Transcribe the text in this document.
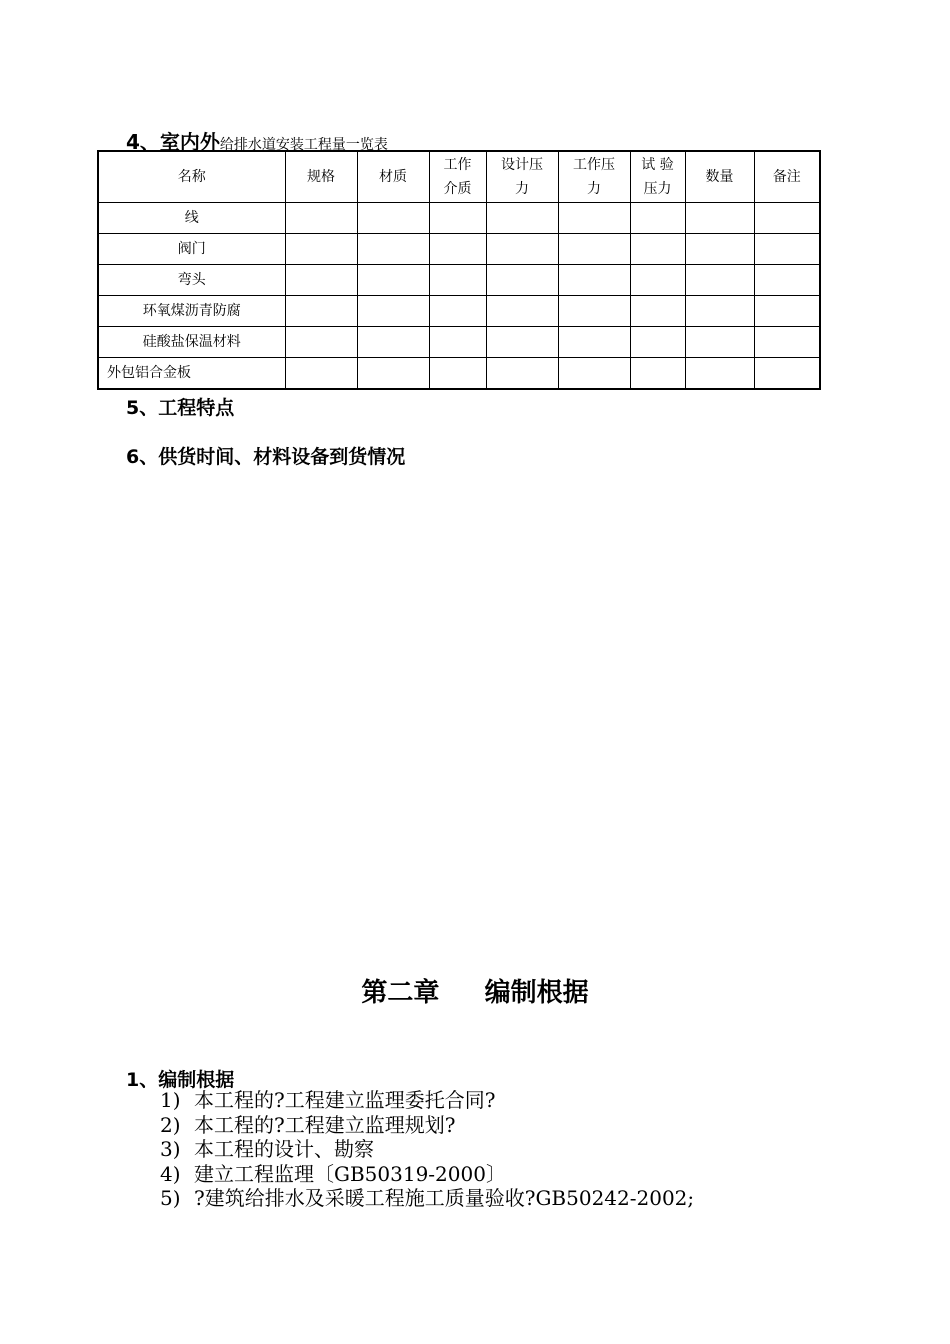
4、室内外给排水道安装工程量一览表
名称	规格	材质	工作介质	设计压力	工作压力	试 验压力	数量	备注
线								
阀门								
弯头								
环氧煤沥青防腐								
硅酸盐保温材料								
外包铝合金板								
5、工程特点
6、供货时间、材料设备到货情况
第二章     编制根据
1、编制根据
1) 本工程的?工程建立监理委托合同?
2) 本工程的?工程建立监理规划?
3) 本工程的设计、勘察
4) 建立工程监理〔GB50319-2000〕
5) ?建筑给排水及采暖工程施工质量验收?GB50242-2002;
